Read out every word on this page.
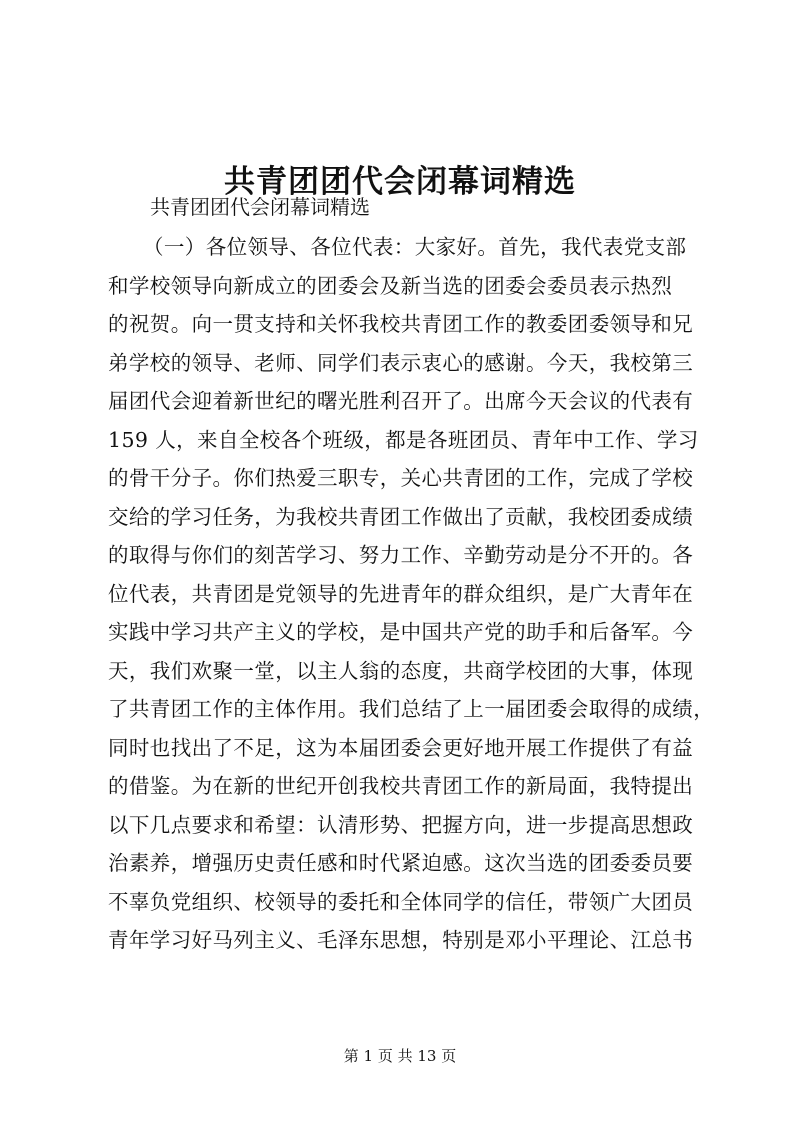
共青团团代会闭幕词精选
共青团团代会闭幕词精选
（一）各位领导、各位代表：大家好。首先，我代表党支部
和学校领导向新成立的团委会及新当选的团委会委员表示热烈
的祝贺。向一贯支持和关怀我校共青团工作的教委团委领导和兄
弟学校的领导、老师、同学们表示衷心的感谢。今天，我校第三
届团代会迎着新世纪的曙光胜利召开了。出席今天会议的代表有
159 人，来自全校各个班级，都是各班团员、青年中工作、学习
的骨干分子。你们热爱三职专，关心共青团的工作，完成了学校
交给的学习任务，为我校共青团工作做出了贡献，我校团委成绩
的取得与你们的刻苦学习、努力工作、辛勤劳动是分不开的。各
位代表，共青团是党领导的先进青年的群众组织，是广大青年在
实践中学习共产主义的学校，是中国共产党的助手和后备军。今
天，我们欢聚一堂，以主人翁的态度，共商学校团的大事，体现
了共青团工作的主体作用。我们总结了上一届团委会取得的成绩，
同时也找出了不足，这为本届团委会更好地开展工作提供了有益
的借鉴。为在新的世纪开创我校共青团工作的新局面，我特提出
以下几点要求和希望：认清形势、把握方向，进一步提高思想政
治素养，增强历史责任感和时代紧迫感。这次当选的团委委员要
不辜负党组织、校领导的委托和全体同学的信任，带领广大团员
青年学习好马列主义、毛泽东思想，特别是邓小平理论、江总书
第 1 页 共 13 页
